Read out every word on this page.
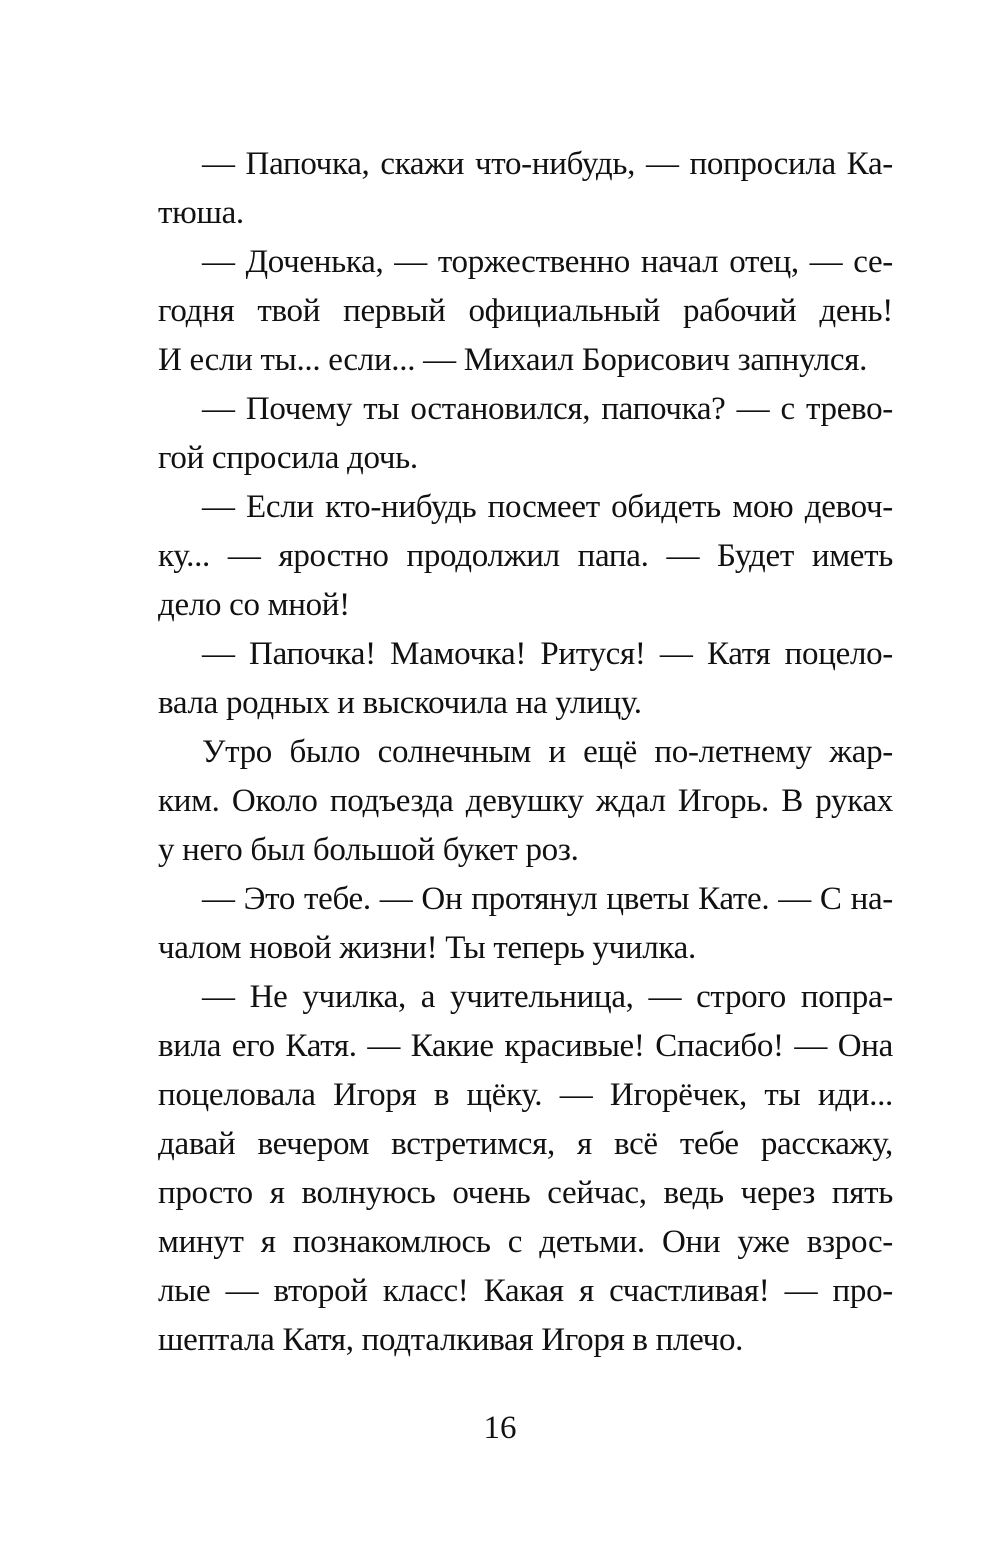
— Папочка, скажи что-нибудь, — попросила Ка-
тюша.
— Доченька, — торжественно начал отец, — се-
годня твой первый официальный рабочий день!
И если ты... если... — Михаил Борисович запнулся.
— Почему ты остановился, папочка? — с трево-
гой спросила дочь.
— Если кто-нибудь посмеет обидеть мою девоч-
ку... — яростно продолжил папа. — Будет иметь
дело со мной!
— Папочка! Мамочка! Ритуся! — Катя поцело-
вала родных и выскочила на улицу.
Утро было солнечным и ещё по-летнему жар-
ким. Около подъезда девушку ждал Игорь. В руках
у него был большой букет роз.
— Это тебе. — Он протянул цветы Кате. — С на-
чалом новой жизни! Ты теперь училка.
— Не училка, а учительница, — строго попра-
вила его Катя. — Какие красивые! Спасибо! — Она
поцеловала Игоря в щёку. — Игорёчек, ты иди...
давай вечером встретимся, я всё тебе расскажу,
просто я волнуюсь очень сейчас, ведь через пять
минут я познакомлюсь с детьми. Они уже взрос-
лые — второй класс! Какая я счастливая! — про-
шептала Катя, подталкивая Игоря в плечо.
16
